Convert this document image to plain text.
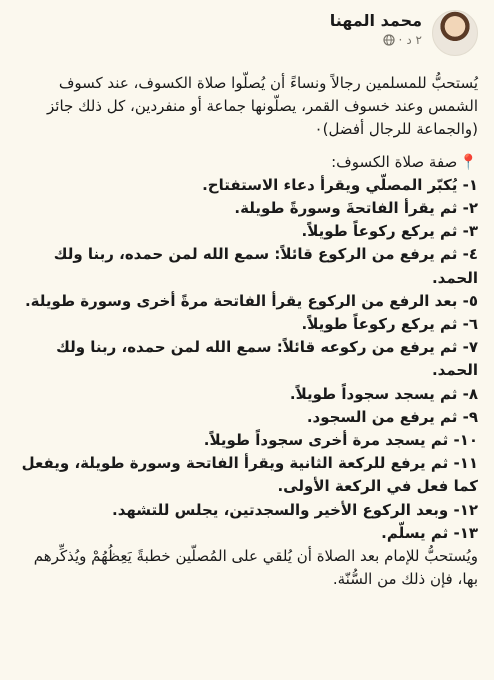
محمد المهنا
٢ د
·

يُستحبُّ للمسلمين رجالاً ونساءً أن يُصلّوا صلاة الكسوف، عند كسوف الشمس وعند خسوف القمر، يصلّونها جماعة أو منفردين، كل ذلك جائز (والجماعة للرجال أفضل)٠

📍صفة صلاة الكسوف:

١- يُكبّر المصلّي ويقرأ دعاء الاستفتاح.
٢- ثم يقرأ الفاتحةَ وسورةً طويلة.
٣- ثم يركع ركوعاً طويلاً.
٤- ثم يرفع من الركوع قائلاً: سمع الله لمن حمده، ربنا ولك الحمد.
٥- بعد الرفع من الركوع يقرأ الفاتحة مرةً أخرى وسورة طويلة.
٦- ثم يركع ركوعاً طويلاً.
٧- ثم يرفع من ركوعه قائلاً: سمع الله لمن حمده، ربنا ولك الحمد.
٨- ثم يسجد سجوداً طويلاً.
٩- ثم يرفع من السجود.
١٠- ثم يسجد مرة أخرى سجوداً طويلاً.
١١- ثم يرفع للركعة الثانية ويقرأ الفاتحة وسورة طويلة، ويفعل كما فعل في الركعة الأولى.
١٢- وبعد الركوع الأخير والسجدتين، يجلس للتشهد.
١٣- ثم يسلّم.

ويُستحبُّ للإمام بعد الصلاة أن يُلقي على المُصلّين خطبةً يَعِظُهُمْ ويُذكِّرهم بها، فإن ذلك من السُّنّة.
